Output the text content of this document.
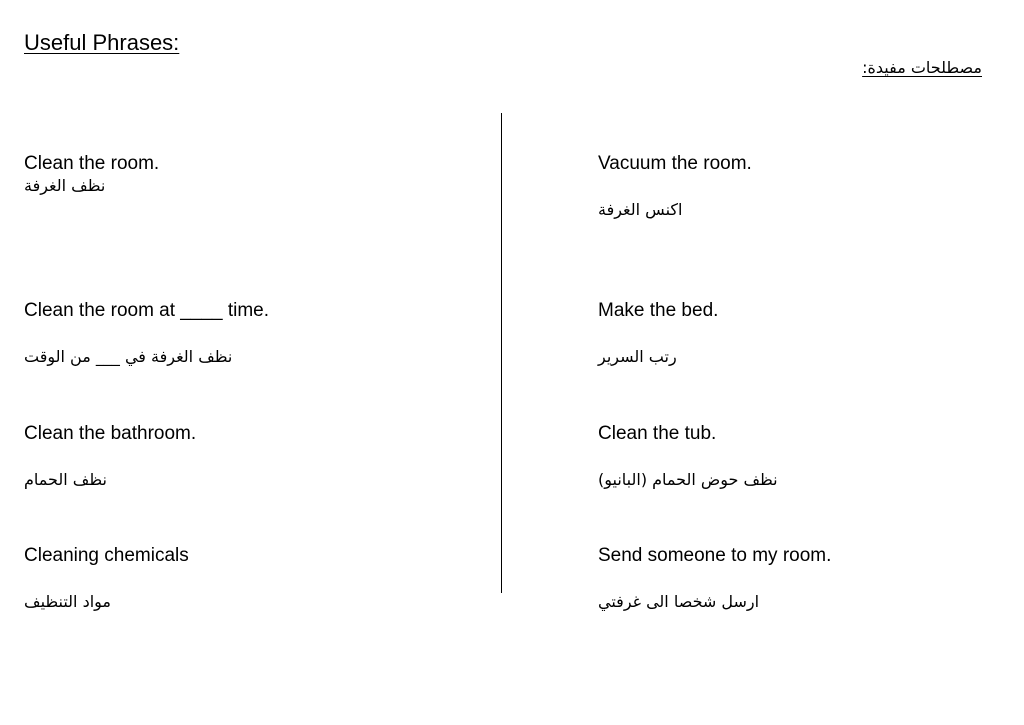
Useful Phrases:
مصطلحات مفيدة:
Clean the room.
نظف الغرفة
Clean the room at ____ time.
نظف الغرفة في ___ من الوقت
Clean the bathroom.
نظف الحمام
Cleaning chemicals
مواد التنظيف
Vacuum the room.
اكنس الغرفة
Make the bed.
رتب السرير
Clean the tub.
نظف حوض الحمام (البانيو)
Send someone to my room.
ارسل شخصا الى غرفتي
